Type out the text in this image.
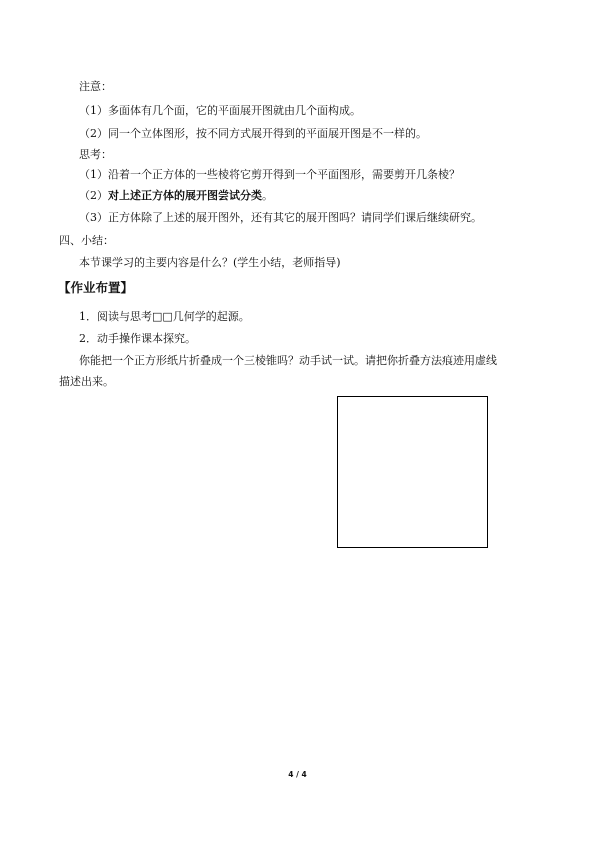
注意：
（1）多面体有几个面，它的平面展开图就由几个面构成。
（2）同一个立体图形，按不同方式展开得到的平面展开图是不一样的。
思考：
（1）沿着一个正方体的一些棱将它剪开得到一个平面图形，需要剪开几条棱？
（2）对上述正方体的展开图尝试分类。
（3）正方体除了上述的展开图外，还有其它的展开图吗？请同学们课后继续研究。
四、小结：
本节课学习的主要内容是什么？(学生小结，老师指导)
【作业布置】
1．阅读与思考□□几何学的起源。
2．动手操作课本探究。
你能把一个正方形纸片折叠成一个三棱锥吗？动手试一试。请把你折叠方法痕迹用虚线
描述出来。
4 / 4
